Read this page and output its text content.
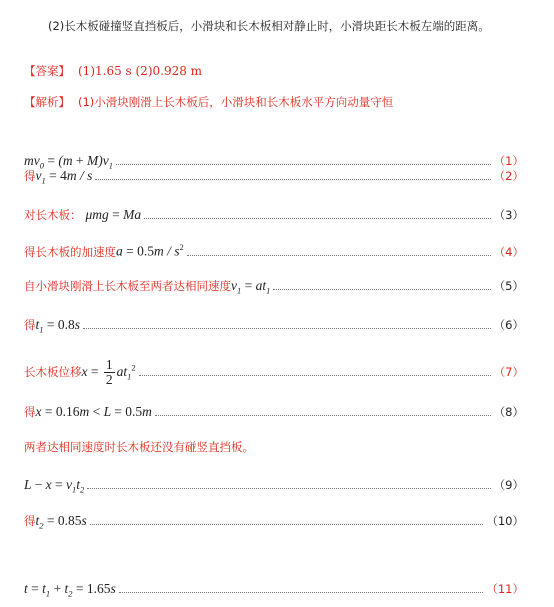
(2)长木板碰撞竖直挡板后，小滑块和长木板相对静止时，小滑块距长木板左端的距离。
【答案】 (1)1.65 s (2)0.928 m
【解析】 (1)小滑块刚滑上长木板后，小滑块和长木板水平方向动量守恒
$mv_0 = (m + M)v_1$	（1）
得 $v_1 = 4m / s$	（2）
对长木板： μmg = Ma	（3）
得长木板的加速度 $a = 0.5m / s^2$	（4）
自小滑块刚滑上长木板至两者达相同速度 $v_1 = at_1$	（5）
得 $t_1 = 0.8s$	（6）
长木板位移 $x = \frac{1}{2} at_1^2$	（7）
得 x = 0.16m < L = 0.5m	（8）
两者达相同速度时长木板还没有碰竖直挡板。
$L - x = v_1t_2$	（9）
得 $t_2 = 0.85s$	（10）
$t = t_1 + t_2 = 1.65s$	（11）
